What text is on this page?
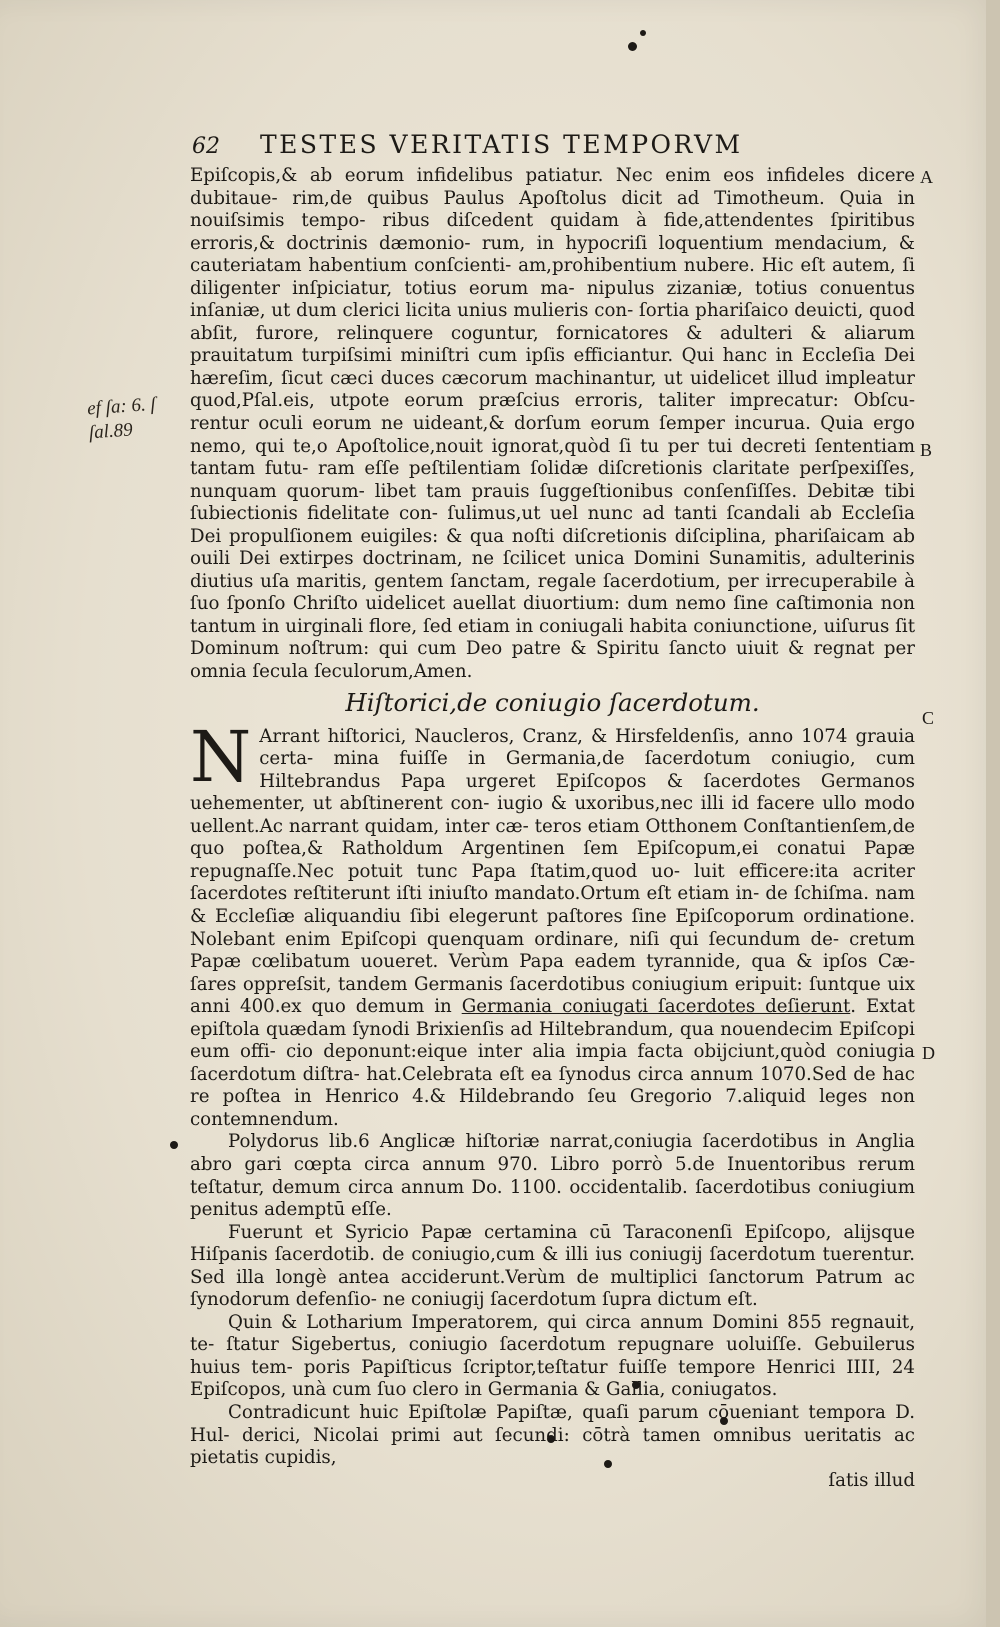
62 TESTES VERITATIS TEMPORVM
ef ſa: 6. ſ ſal.89
A
B
C
D

Epiſcopis,& ab eorum infidelibus patiatur. Nec enim eos infideles dicere dubitaue- rim,de quibus Paulus Apoſtolus dicit ad Timotheum. Quia in nouiſsimis tempo- ribus diſcedent quidam à fide,attendentes ſpiritibus erroris,& doctrinis dæmonio- rum, in hypocriſi loquentium mendacium, & cauteriatam habentium conſcienti- am,prohibentium nubere. Hic eſt autem, ſi diligenter inſpiciatur, totius eorum ma- nipulus zizaniæ, totius conuentus inſaniæ, ut dum clerici licita unius mulieris con- ſortia phariſaico deuicti, quod abſit, furore, relinquere coguntur, fornicatores & adulteri & aliarum prauitatum turpiſsimi miniſtri cum ipſis efficiantur. Qui hanc in Eccleſia Dei hæreſim, ſicut cæci duces cæcorum machinantur, ut uidelicet illud impleatur quod,Pſal.eis, utpote eorum præſcius erroris, taliter imprecatur: Obſcu- rentur oculi eorum ne uideant,& dorſum eorum ſemper incurua. Quia ergo nemo, qui te,o Apoſtolice,nouit ignorat,quòd ſi tu per tui decreti ſententiam tantam futu- ram eſſe peſtilentiam ſolidæ diſcretionis claritate perſpexiſſes, nunquam quorum- libet tam prauis ſuggeſtionibus conſenſiſſes. Debitæ tibi ſubiectionis fidelitate con- ſulimus,ut uel nunc ad tanti ſcandali ab Eccleſia Dei propulſionem euigiles: & qua noſti diſcretionis diſciplina, phariſaicam ab ouili Dei extirpes doctrinam, ne ſcilicet unica Domini Sunamitis, adulterinis diutius uſa maritis, gentem ſanctam, regale ſacerdotium, per irrecuperabile à ſuo ſponſo Chriſto uidelicet auellat diuortium: dum nemo ſine caſtimonia non tantum in uirginali flore, ſed etiam in coniugali habita coniunctione, uiſurus ſit Dominum noſtrum: qui cum Deo patre & Spiritu ſancto uiuit & regnat per omnia ſecula ſeculorum,Amen.

Hiſtorici,de coniugio ſacerdotum.

N Arrant hiſtorici, Naucleros, Cranz, & Hirsfeldenſis, anno 1074 grauia certa- mina fuiſſe in Germania,de ſacerdotum coniugio, cum Hiltebrandus Papa urgeret Epiſcopos & ſacerdotes Germanos uehementer, ut abſtinerent con- iugio & uxoribus,nec illi id facere ullo modo uellent.Ac narrant quidam, inter cæ- teros etiam Otthonem Conſtantienſem,de quo poſtea,& Ratholdum Argentinen ſem Epiſcopum,ei conatui Papæ repugnaſſe.Nec potuit tunc Papa ſtatim,quod uo- luit efficere:ita acriter ſacerdotes reſtiterunt iſti iniuſto mandato.Ortum eſt etiam in- de ſchiſma. nam & Eccleſiæ aliquandiu ſibi elegerunt paſtores ſine Epiſcoporum ordinatione. Nolebant enim Epiſcopi quenquam ordinare, niſi qui ſecundum de- cretum Papæ cœlibatum uoueret. Verùm Papa eadem tyrannide, qua & ipſos Cæ- ſares oppreſsit, tandem Germanis ſacerdotibus coniugium eripuit: ſuntque uix anni 400.ex quo demum in Germania coniugati ſacerdotes deſierunt. Extat epiſtola quædam ſynodi Brixienſis ad Hiltebrandum, qua nouendecim Epiſcopi eum offi- cio deponunt:eique inter alia impia facta obijciunt,quòd coniugia ſacerdotum diſtra- hat.Celebrata eſt ea ſynodus circa annum 1070.Sed de hac re poſtea in Henrico 4.& Hildebrando ſeu Gregorio 7.aliquid leges non contemnendum.

Polydorus lib.6 Anglicæ hiſtoriæ narrat,coniugia ſacerdotibus in Anglia abro gari cœpta circa annum 970. Libro porrò 5.de Inuentoribus rerum teſtatur, demum circa annum Do. 1100. occidentalib. ſacerdotibus coniugium penitus ademptū eſſe.

Fuerunt et Syricio Papæ certamina cū Taraconenſi Epiſcopo, alijsque Hiſpanis ſacerdotib. de coniugio,cum & illi ius coniugij ſacerdotum tuerentur. Sed illa longè antea acciderunt.Verùm de multiplici ſanctorum Patrum ac ſynodorum defenſio- ne coniugij ſacerdotum ſupra dictum eſt.

Quin & Lotharium Imperatorem, qui circa annum Domini 855 regnauit, te- ſtatur Sigebertus, coniugio ſacerdotum repugnare uoluiſſe. Gebuilerus huius tem- poris Papiſticus ſcriptor,teſtatur fuiſſe tempore Henrici IIII, 24 Epiſcopos, unà cum ſuo clero in Germania & Gallia, coniugatos.

Contradicunt huic Epiſtolæ Papiſtæ, quaſi parum cōueniant tempora D. Hul- derici, Nicolai primi aut ſecundi: cōtrà tamen omnibus ueritatis ac pietatis cupidis,

ſatis illud
